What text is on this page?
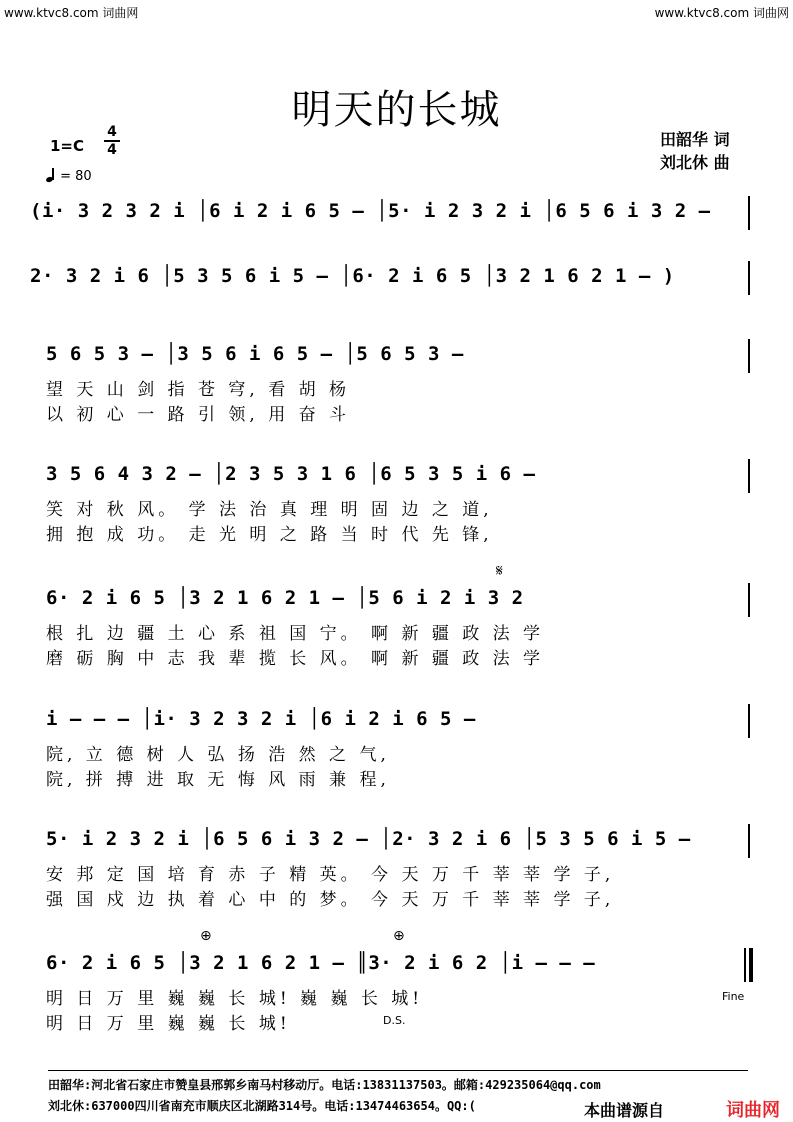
www.ktvc8.com 词曲网	www.ktvc8.com 词曲网
明天的长城
田韶华 词
刘北休 曲
$1=C \frac{4}{4}$
= 80
(i· 3 2 3 2 i │6 i 2 i 6 5 – │5· i 2 3 2 i │6 5 6 i 3 2 –
2· 3 2 i 6 │5 3 5 6 i 5 – │6· 2 i 6 5 │3 2 1 6 2 1 – )
5 6 5 3 – │3 5 6 i 6 5 – │5 6 5 3 –
望 天 山 剑 指 苍 穹, 看 胡 杨
以 初 心 一 路 引 领, 用 奋 斗
3 5 6 4 3 2 – │2 3 5 3 1 6 │6 5 3 5 i 6 –
笑 对 秋 风。 学 法 治 真 理 明 固 边 之 道,
拥 抱 成 功。 走 光 明 之 路 当 时 代 先 锋,
𝄋
6· 2 i 6 5 │3 2 1 6 2 1 – │5 6 i 2 i 3 2
根 扎 边 疆 土 心 系 祖 国 宁。 啊 新 疆 政 法 学
磨 砺 胸 中 志 我 辈 揽 长 风。 啊 新 疆 政 法 学
i – – – │i· 3 2 3 2 i │6 i 2 i 6 5 –
院, 立 德 树 人 弘 扬 浩 然 之 气,
院, 拼 搏 进 取 无 悔 风 雨 兼 程,
5· i 2 3 2 i │6 5 6 i 3 2 – │2· 3 2 i 6 │5 3 5 6 i 5 –
安 邦 定 国 培 育 赤 子 精 英。 今 天 万 千 莘 莘 学 子,
强 国 戍 边 执 着 心 中 的 梦。 今 天 万 千 莘 莘 学 子,
⊕	⊕
6· 2 i 6 5 │3 2 1 6 2 1 – ║3· 2 i 6 2 │i – – –
明 日 万 里 巍 巍 长 城! 巍 巍 长 城!
明 日 万 里 巍 巍 长 城!
Fine
D.S.
田韶华:河北省石家庄市赞皇县邢郭乡南马村移动厅。电话:13831137503。邮箱:429235064@qq.com
刘北休:637000四川省南充市顺庆区北湖路314号。电话:13474463654。QQ:(	本曲谱源自	词曲网
